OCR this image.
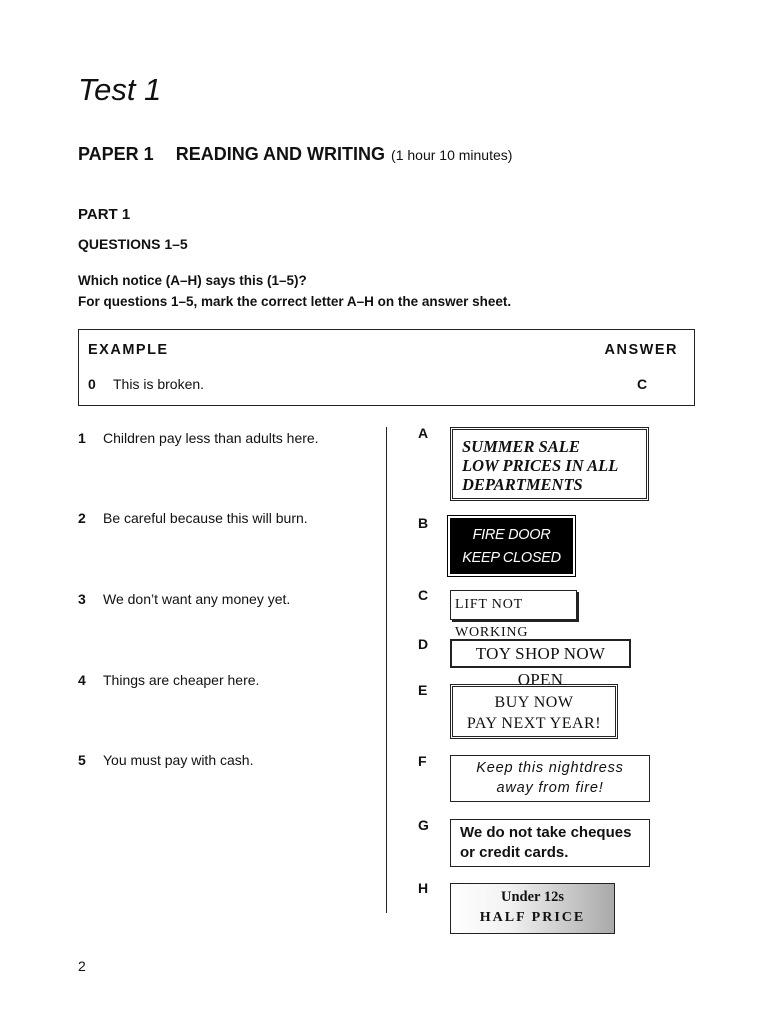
Test 1
PAPER 1 READING AND WRITING (1 hour 10 minutes)
PART 1
QUESTIONS 1–5
Which notice (A–H) says this (1–5)?
For questions 1–5, mark the correct letter A–H on the answer sheet.
EXAMPLE	ANSWER
0 This is broken.	C
1 Children pay less than adults here.
2 Be careful because this will burn.
3 We don’t want any money yet.
4 Things are cheaper here.
5 You must pay with cash.
A
B
C
D
E
F
G
H
SUMMER SALE
LOW PRICES IN ALL
DEPARTMENTS
FIRE DOOR
KEEP CLOSED
LIFT NOT WORKING
TOY SHOP NOW OPEN
BUY NOW
PAY NEXT YEAR!
Keep this nightdress
away from fire!
We do not take cheques
or credit cards.
Under 12s
HALF PRICE
2
